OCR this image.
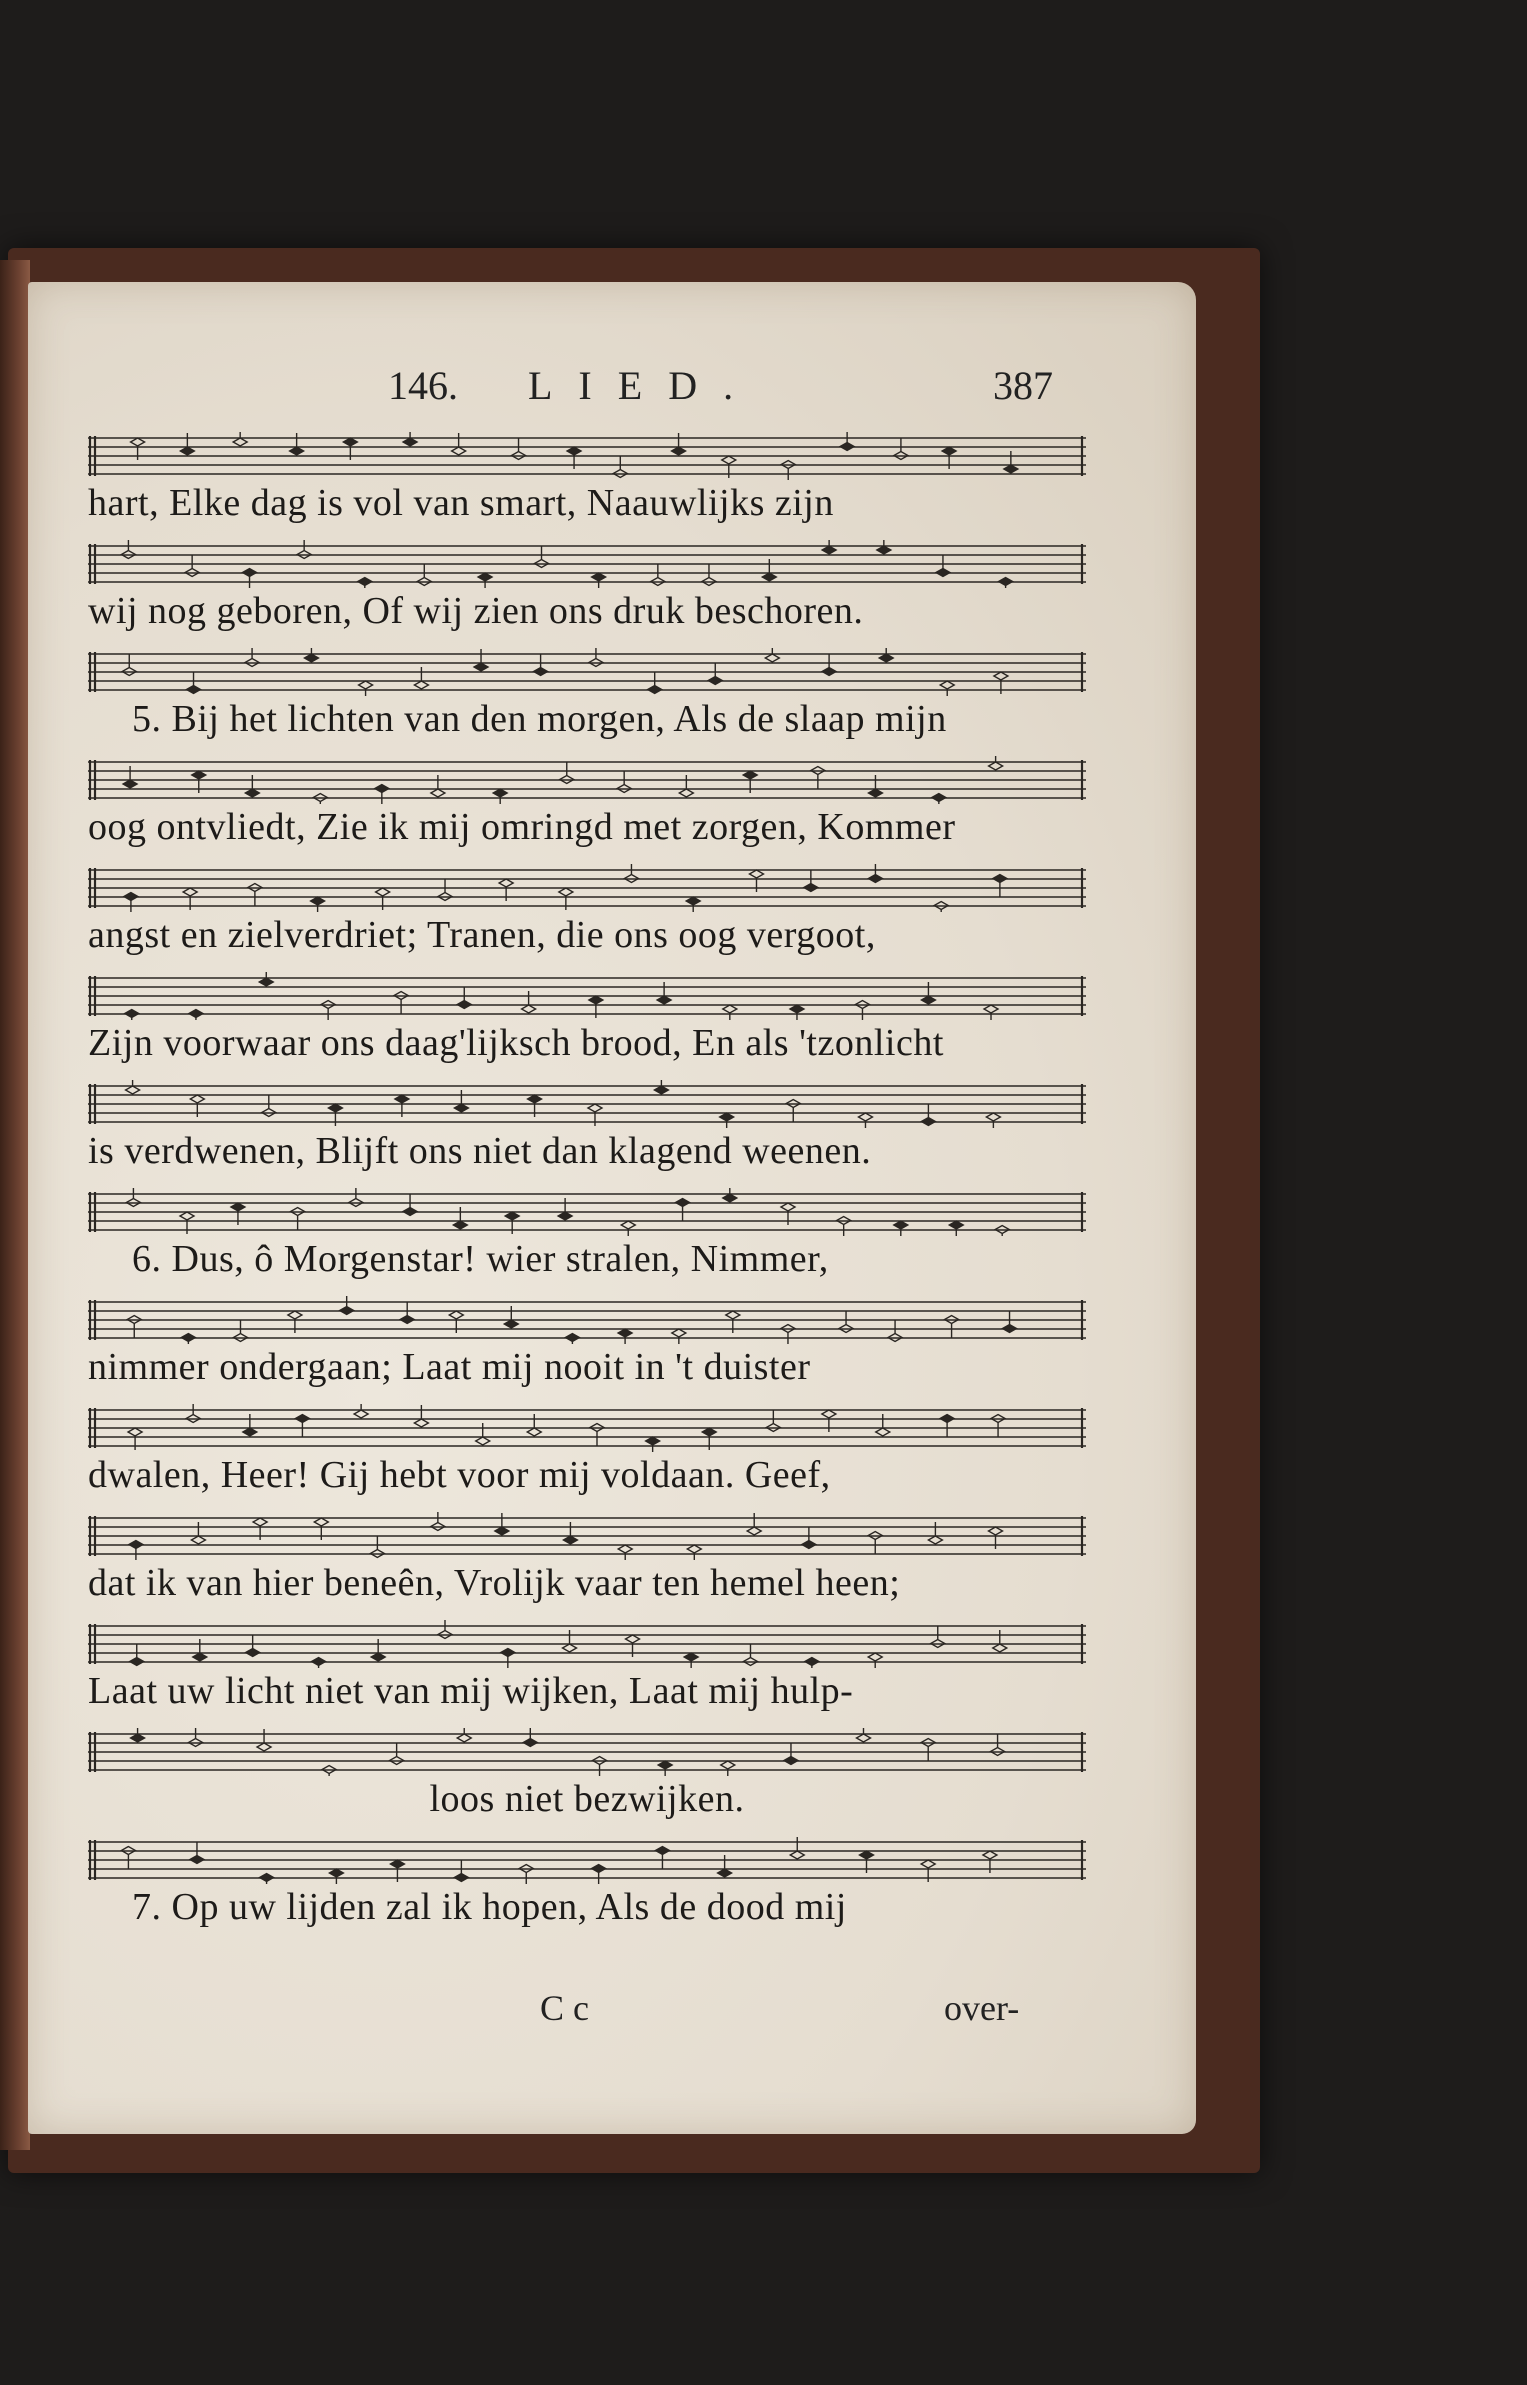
146. LIED.	387
hart, Elke dag is vol van smart, Naauwlijks zijn
wij nog geboren, Of wij zien ons druk beschoren.
5. Bij het lichten van den morgen, Als de slaap mijn
oog ontvliedt, Zie ik mij omringd met zorgen, Kommer
angst en zielverdriet; Tranen, die ons oog vergoot,
Zijn voorwaar ons daag'lijksch brood, En als 'tzonlicht
is verdwenen, Blijft ons niet dan klagend weenen.
6. Dus, ô Morgenstar! wier stralen, Nimmer,
nimmer ondergaan; Laat mij nooit in 't duister
dwalen, Heer! Gij hebt voor mij voldaan. Geef,
dat ik van hier beneên, Vrolijk vaar ten hemel heen;
Laat uw licht niet van mij wijken, Laat mij hulp-
loos niet bezwijken.
7. Op uw lijden zal ik hopen, Als de dood mij
C c	over-
